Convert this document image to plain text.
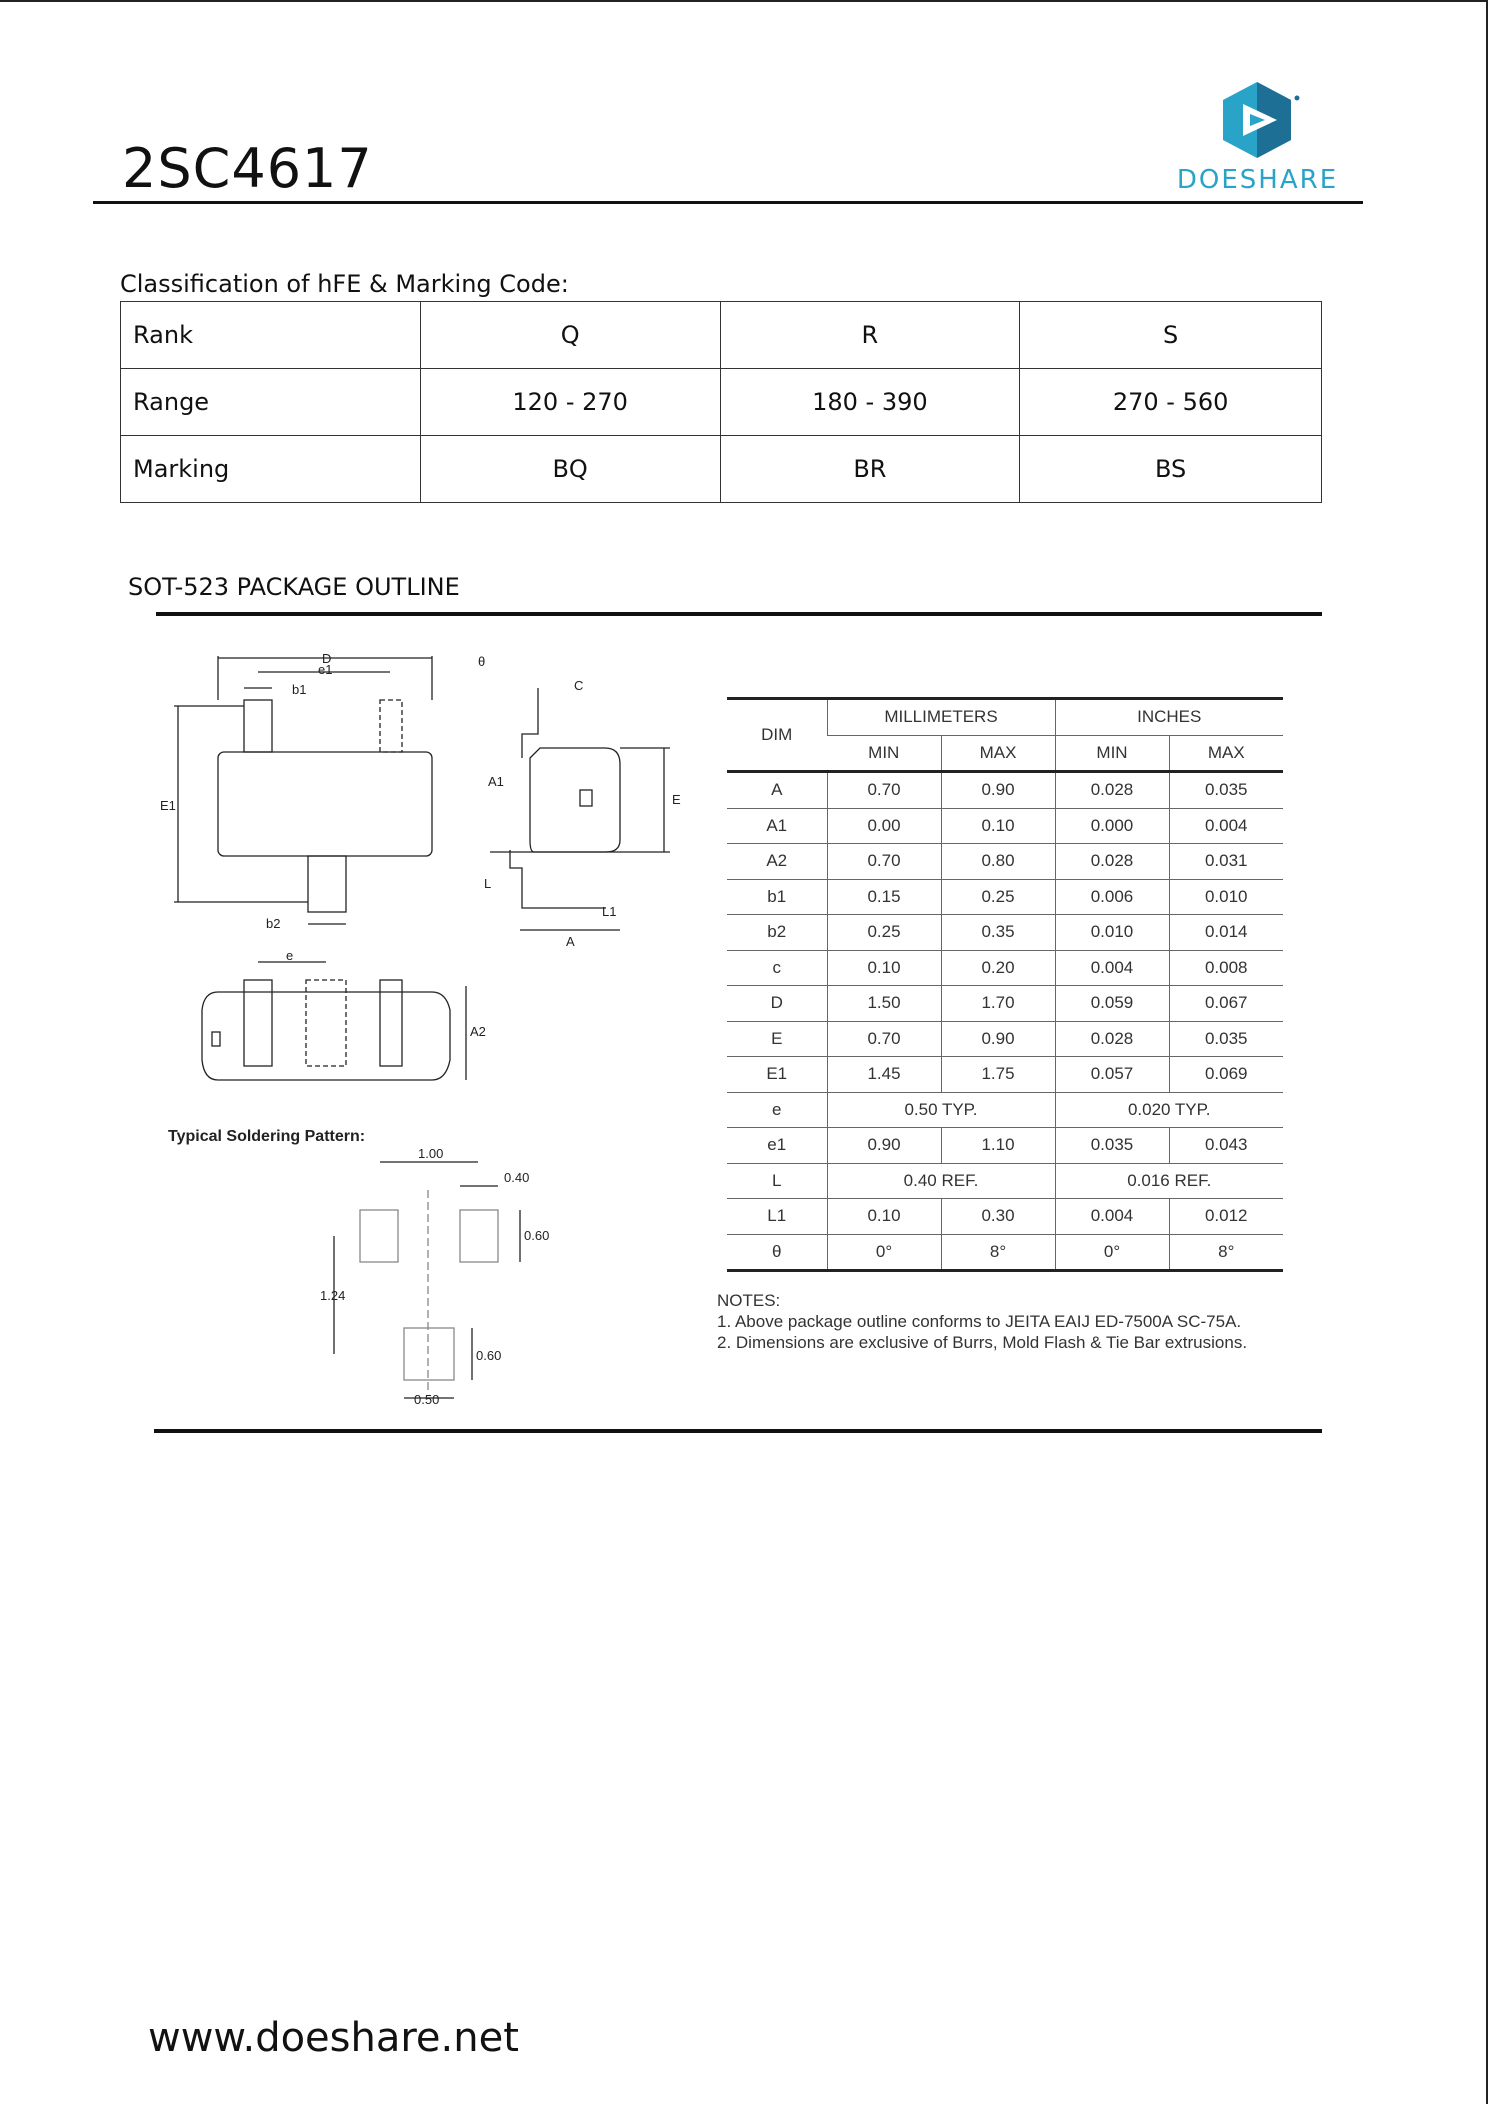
2SC4617	DOESHARE
Classification of hFE & Marking Code:
Rank	Q	R	S
Range	120 - 270	180 - 390	270 - 560
Marking	BQ	BR	BS
SOT-523 PACKAGE OUTLINE
D
e1
b1
E1
b2
θ
C
A1
E
L
L1
A
e
A2
Typical Soldering Pattern:
1.00
0.40
0.60
1.24
0.60
0.50
DIM	MILLIMETERS		INCHES	
	MIN	MAX	MIN	MAX
A	0.70	0.90	0.028	0.035
A1	0.00	0.10	0.000	0.004
A2	0.70	0.80	0.028	0.031
b1	0.15	0.25	0.006	0.010
b2	0.25	0.35	0.010	0.014
c	0.10	0.20	0.004	0.008
D	1.50	1.70	0.059	0.067
E	0.70	0.90	0.028	0.035
E1	1.45	1.75	0.057	0.069
e	0.50 TYP.		0.020 TYP.	
e1	0.90	1.10	0.035	0.043
L	0.40 REF.		0.016 REF.	
L1	0.10	0.30	0.004	0.012
θ	0°	8°	0°	8°
NOTES:
1. Above package outline conforms to JEITA EAIJ ED-7500A SC-75A.
2. Dimensions are exclusive of Burrs, Mold Flash & Tie Bar extrusions.
www.doeshare.net
